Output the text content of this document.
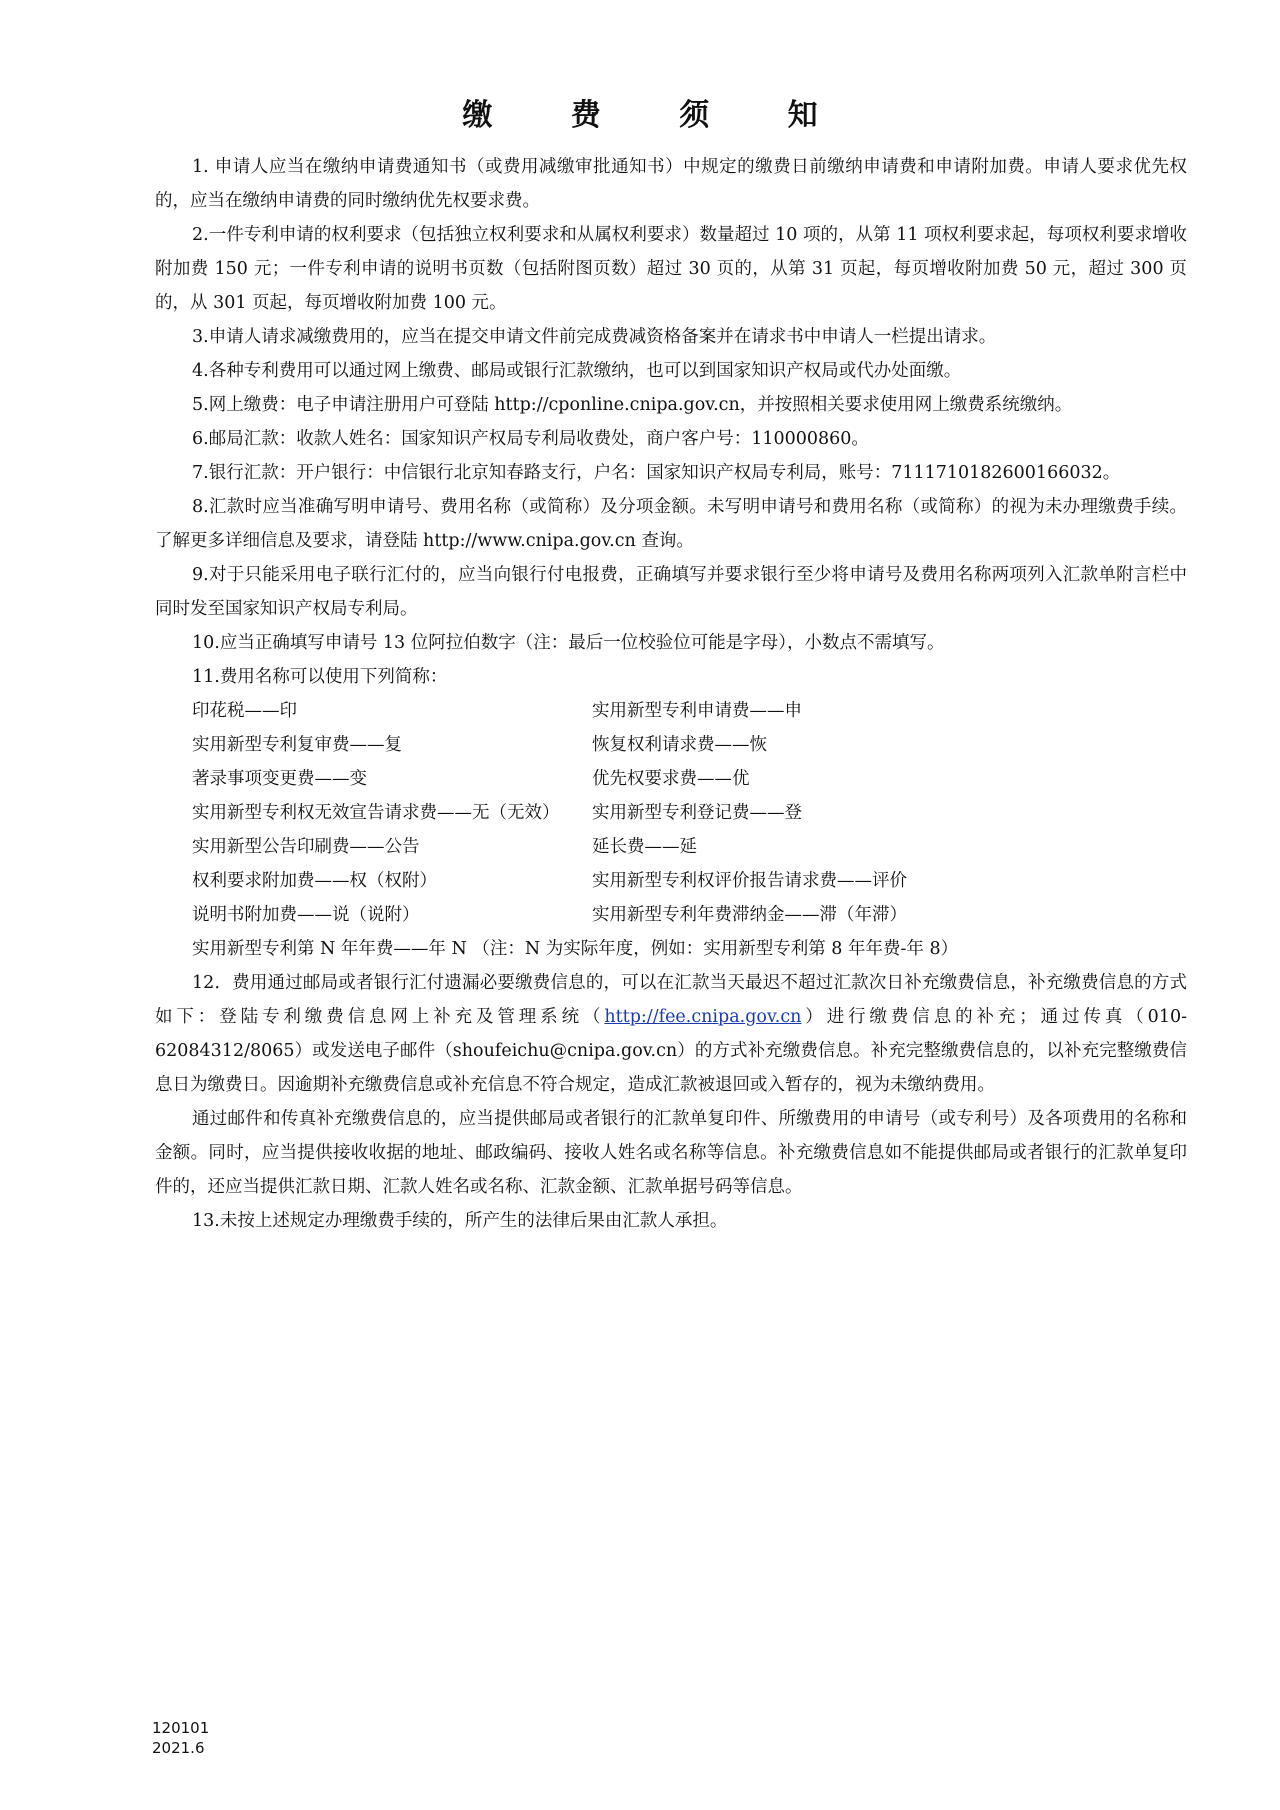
缴 费 须 知

1. 申请人应当在缴纳申请费通知书（或费用减缴审批通知书）中规定的缴费日前缴纳申请费和申请附加费。申请人要求优先权的，应当在缴纳申请费的同时缴纳优先权要求费。

2.一件专利申请的权利要求（包括独立权利要求和从属权利要求）数量超过 10 项的，从第 11 项权利要求起，每项权利要求增收附加费 150 元；一件专利申请的说明书页数（包括附图页数）超过 30 页的，从第 31 页起，每页增收附加费 50 元，超过 300 页的，从 301 页起，每页增收附加费 100 元。

3.申请人请求减缴费用的，应当在提交申请文件前完成费减资格备案并在请求书中申请人一栏提出请求。

4.各种专利费用可以通过网上缴费、邮局或银行汇款缴纳，也可以到国家知识产权局或代办处面缴。

5.网上缴费：电子申请注册用户可登陆 http://cponline.cnipa.gov.cn，并按照相关要求使用网上缴费系统缴纳。

6.邮局汇款：收款人姓名：国家知识产权局专利局收费处，商户客户号：110000860。

7.银行汇款：开户银行：中信银行北京知春路支行，户名：国家知识产权局专利局，账号：7111710182600166032。

8.汇款时应当准确写明申请号、费用名称（或简称）及分项金额。未写明申请号和费用名称（或简称）的视为未办理缴费手续。了解更多详细信息及要求，请登陆 http://www.cnipa.gov.cn 查询。

9.对于只能采用电子联行汇付的，应当向银行付电报费，正确填写并要求银行至少将申请号及费用名称两项列入汇款单附言栏中同时发至国家知识产权局专利局。

10.应当正确填写申请号 13 位阿拉伯数字（注：最后一位校验位可能是字母），小数点不需填写。

11.费用名称可以使用下列简称：

印花税——印	实用新型专利申请费——申
实用新型专利复审费——复	恢复权利请求费——恢
著录事项变更费——变	优先权要求费——优
实用新型专利权无效宣告请求费——无（无效）	实用新型专利登记费——登
实用新型公告印刷费——公告	延长费——延
权利要求附加费——权（权附）	实用新型专利权评价报告请求费——评价
说明书附加费——说（说附）	实用新型专利年费滞纳金——滞（年滞）

实用新型专利第 N 年年费——年 N （注：N 为实际年度，例如：实用新型专利第 8 年年费-年 8）

12．费用通过邮局或者银行汇付遗漏必要缴费信息的，可以在汇款当天最迟不超过汇款次日补充缴费信息，补充缴费信息的方式如下：登陆专利缴费信息网上补充及管理系统（http://fee.cnipa.gov.cn）进行缴费信息的补充；通过传真（010-62084312/8065）或发送电子邮件（shoufeichu@cnipa.gov.cn）的方式补充缴费信息。补充完整缴费信息的，以补充完整缴费信息日为缴费日。因逾期补充缴费信息或补充信息不符合规定，造成汇款被退回或入暂存的，视为未缴纳费用。

通过邮件和传真补充缴费信息的，应当提供邮局或者银行的汇款单复印件、所缴费用的申请号（或专利号）及各项费用的名称和金额。同时，应当提供接收收据的地址、邮政编码、接收人姓名或名称等信息。补充缴费信息如不能提供邮局或者银行的汇款单复印件的，还应当提供汇款日期、汇款人姓名或名称、汇款金额、汇款单据号码等信息。

13.未按上述规定办理缴费手续的，所产生的法律后果由汇款人承担。

120101
2021.6
